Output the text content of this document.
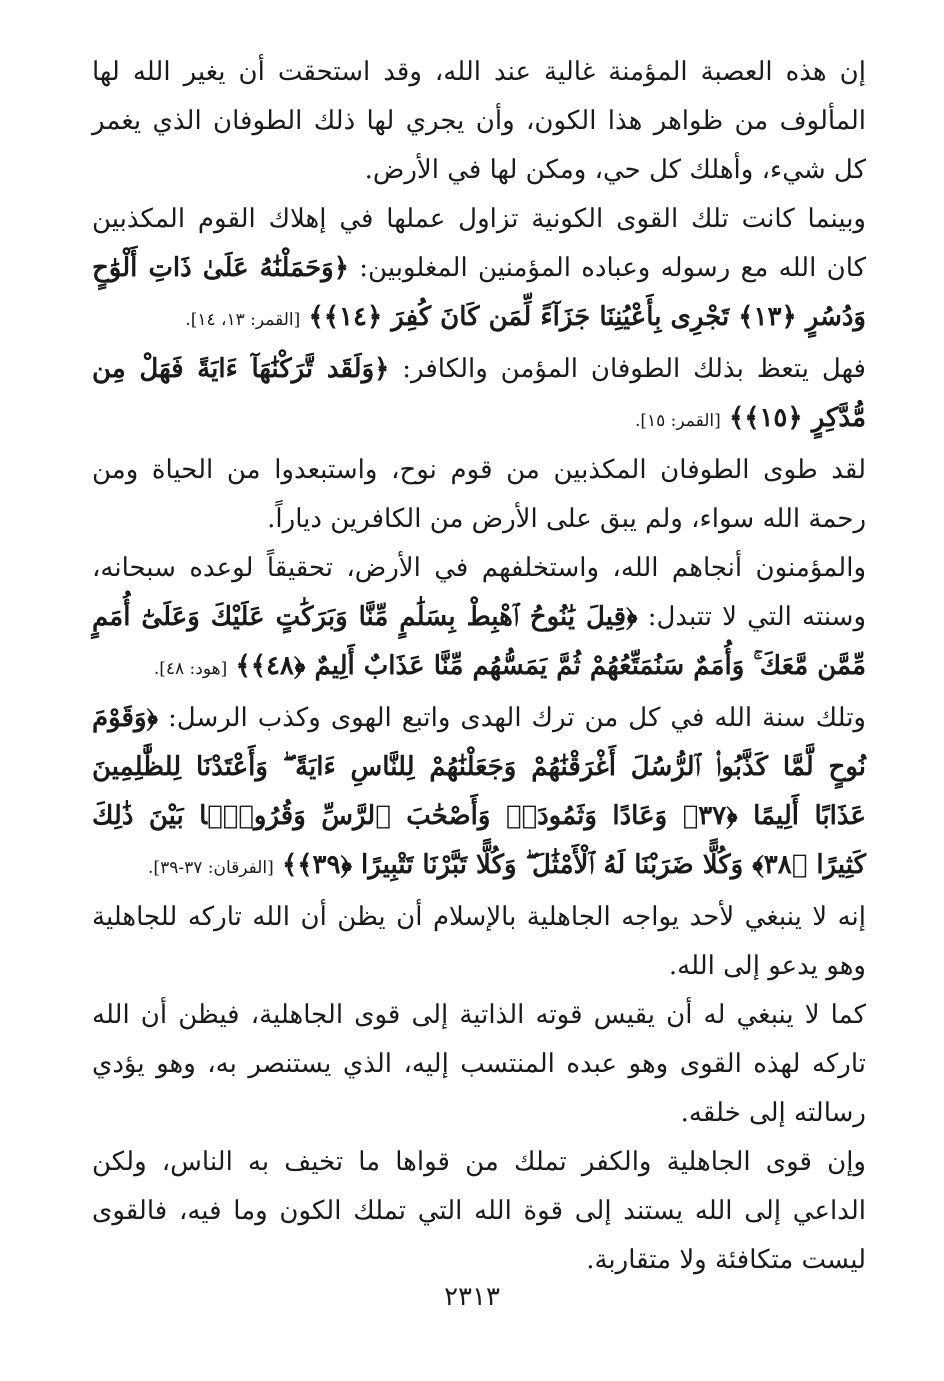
إن هذه العصبة المؤمنة غالية عند الله، وقد استحقت أن يغير الله لها المألوف من ظواهر هذا الكون، وأن يجري لها ذلك الطوفان الذي يغمر كل شيء، وأهلك كل حي، ومكن لها في الأرض.

وبينما كانت تلك القوى الكونية تزاول عملها في إهلاك القوم المكذبين كان الله مع رسوله وعباده المؤمنين المغلوبين: ﴿وَحَمَلْنَٰهُ عَلَىٰ ذَاتِ أَلْوَٰحٍ وَدُسُرٍ ﴿١٣﴾ تَجْرِى بِأَعْيُنِنَا جَزَآءً لِّمَن كَانَ كُفِرَ ﴿١٤﴾﴾ [القمر: ١٣، ١٤].

فهل يتعظ بذلك الطوفان المؤمن والكافر: ﴿وَلَقَد تَّرَكْنَٰهَآ ءَايَةً فَهَلْ مِن مُّدَّكِرٍ ﴿١٥﴾﴾ [القمر: ١٥].

لقد طوى الطوفان المكذبين من قوم نوح، واستبعدوا من الحياة ومن رحمة الله سواء، ولم يبق على الأرض من الكافرين دياراً.

والمؤمنون أنجاهم الله، واستخلفهم في الأرض، تحقيقاً لوعده سبحانه، وسنته التي لا تتبدل: ﴿قِيلَ يَٰنُوحُ ٱهْبِطْ بِسَلَٰمٍ مِّنَّا وَبَرَكَٰتٍ عَلَيْكَ وَعَلَىٰٓ أُمَمٍ مِّمَّن مَّعَكَ ۚ وَأُمَمٌ سَنُمَتِّعُهُمْ ثُمَّ يَمَسُّهُم مِّنَّا عَذَابٌ أَلِيمٌ ﴿٤٨﴾﴾ [هود: ٤٨].

وتلك سنة الله في كل من ترك الهدى واتبع الهوى وكذب الرسل: ﴿وَقَوْمَ نُوحٍ لَّمَّا كَذَّبُوا۟ ٱلرُّسُلَ أَغْرَقْنَٰهُمْ وَجَعَلْنَٰهُمْ لِلنَّاسِ ءَايَةً ۖ وَأَعْتَدْنَا لِلظَّٰلِمِينَ عَذَابًا أَلِيمًا ﴿٣٧﴾ وَعَادًا وَثَمُودَا۟ وَأَصْحَٰبَ ٱلرَّسِّ وَقُرُونًۢا بَيْنَ ذَٰلِكَ كَثِيرًا ﴿٣٨﴾ وَكُلًّا ضَرَبْنَا لَهُ ٱلْأَمْثَٰلَ ۖ وَكُلًّا تَبَّرْنَا تَتْبِيرًا ﴿٣٩﴾﴾ [الفرقان: ٣٧-٣٩].

إنه لا ينبغي لأحد يواجه الجاهلية بالإسلام أن يظن أن الله تاركه للجاهلية وهو يدعو إلى الله.

كما لا ينبغي له أن يقيس قوته الذاتية إلى قوى الجاهلية، فيظن أن الله تاركه لهذه القوى وهو عبده المنتسب إليه، الذي يستنصر به، وهو يؤدي رسالته إلى خلقه.

وإن قوى الجاهلية والكفر تملك من قواها ما تخيف به الناس، ولكن الداعي إلى الله يستند إلى قوة الله التي تملك الكون وما فيه، فالقوى ليست متكافئة ولا متقاربة.

٢٣١٣
